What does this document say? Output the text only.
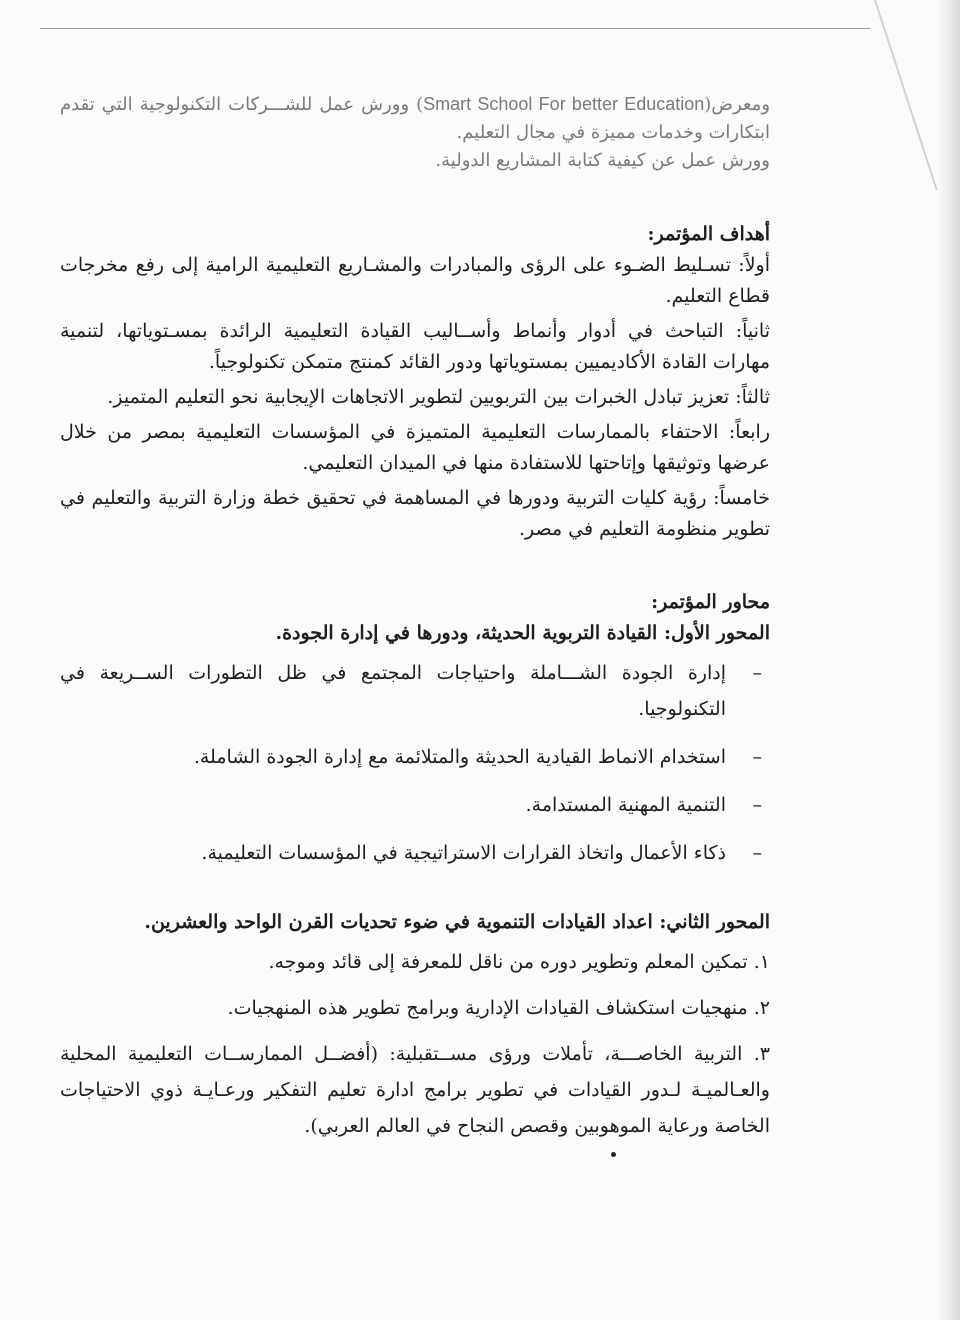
ومعرض(Smart School For better Education) وورش عمل للشـــركات التكنولوجية التي تقدم ابتكارات وخدمات مميزة في مجال التعليم.
وورش عمل عن كيفية كتابة المشاريع الدولية.

أهداف المؤتمر:

أولاً: تسـليط الضـوء على الرؤى والمبادرات والمشـاريع التعليمية الرامية إلى رفع مخرجات قطاع التعليم.

ثانياً: التباحث في أدوار وأنماط وأســاليب القيادة التعليمية الرائدة بمسـتوياتها، لتنمية مهارات القادة الأكاديميين بمستوياتها ودور القائد كمنتج متمكن تكنولوجياً.

ثالثاً: تعزيز تبادل الخبرات بين التربويين لتطوير الاتجاهات الإيجابية نحو التعليم المتميز.

رابعاً: الاحتفاء بالممارسات التعليمية المتميزة في المؤسسات التعليمية بمصر من خلال عرضها وتوثيقها وإتاحتها للاستفادة منها في الميدان التعليمي.

خامساً: رؤية كليات التربية ودورها في المساهمة في تحقيق خطة وزارة التربية والتعليم في تطوير منظومة التعليم في مصر.

محاور المؤتمر:

المحور الأول: القيادة التربوية الحديثة، ودورها في إدارة الجودة.

– إدارة الجودة الشـــاملة واحتياجات المجتمع في ظل التطورات الســريعة في التكنولوجيا.
– استخدام الانماط القيادية الحديثة والمتلائمة مع إدارة الجودة الشاملة.
– التنمية المهنية المستدامة.
– ذكاء الأعمال واتخاذ القرارات الاستراتيجية في المؤسسات التعليمية.

المحور الثاني: اعداد القيادات التنموية في ضوء تحديات القرن الواحد والعشرين.

١. تمكين المعلم وتطوير دوره من ناقل للمعرفة إلى قائد وموجه.
٢. منهجيات استكشاف القيادات الإدارية وبرامج تطوير هذه المنهجيات.
٣. التربية الخاصـــة، تأملات ورؤى مســتقبلية: (أفضــل الممارســات التعليمية المحلية والعـالميـة لـدور القيادات في تطوير برامج ادارة تعليم التفكير ورعـايـة ذوي الاحتياجات الخاصة ورعاية الموهوبين وقصص النجاح في العالم العربي).
